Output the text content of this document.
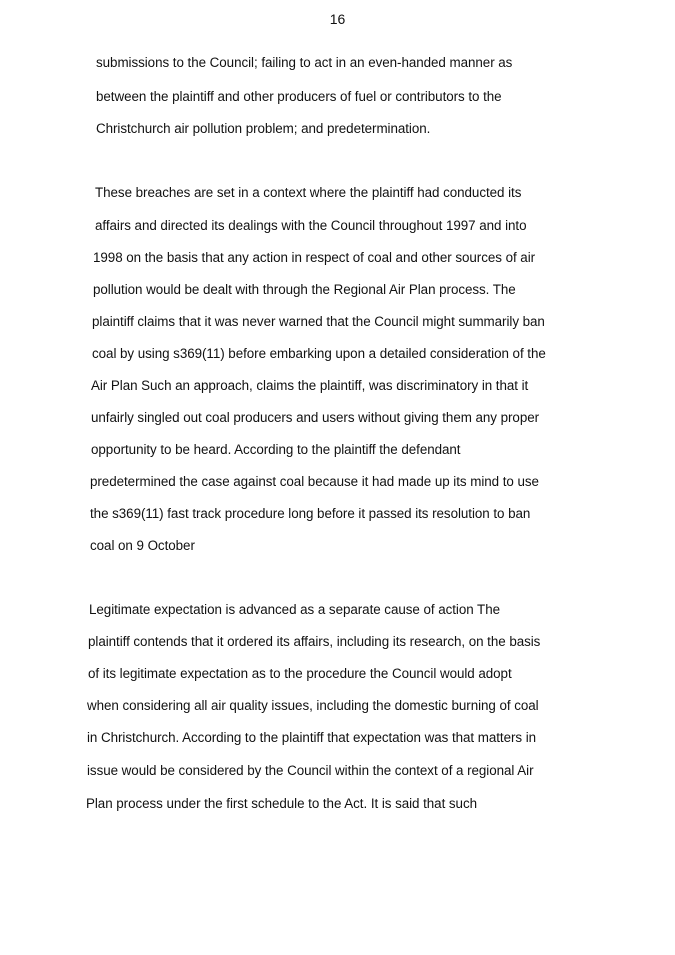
16
submissions to the Council; failing to act in an even-handed manner as
between the plaintiff and other producers of fuel or contributors to the
Christchurch air pollution problem; and predetermination.
These breaches are set in a context where the plaintiff had conducted its
affairs and directed its dealings with the Council throughout 1997 and into
1998 on the basis that any action in respect of coal and other sources of air
pollution would be dealt with through the Regional Air Plan process. The
plaintiff claims that it was never warned that the Council might summarily ban
coal by using s369(11) before embarking upon a detailed consideration of the
Air Plan Such an approach, claims the plaintiff, was discriminatory in that it
unfairly singled out coal producers and users without giving them any proper
opportunity to be heard. According to the plaintiff the defendant
predetermined the case against coal because it had made up its mind to use
the s369(11) fast track procedure long before it passed its resolution to ban
coal on 9 October
Legitimate expectation is advanced as a separate cause of action The
plaintiff contends that it ordered its affairs, including its research, on the basis
of its legitimate expectation as to the procedure the Council would adopt
when considering all air quality issues, including the domestic burning of coal
in Christchurch. According to the plaintiff that expectation was that matters in
issue would be considered by the Council within the context of a regional Air
Plan process under the first schedule to the Act. It is said that such
